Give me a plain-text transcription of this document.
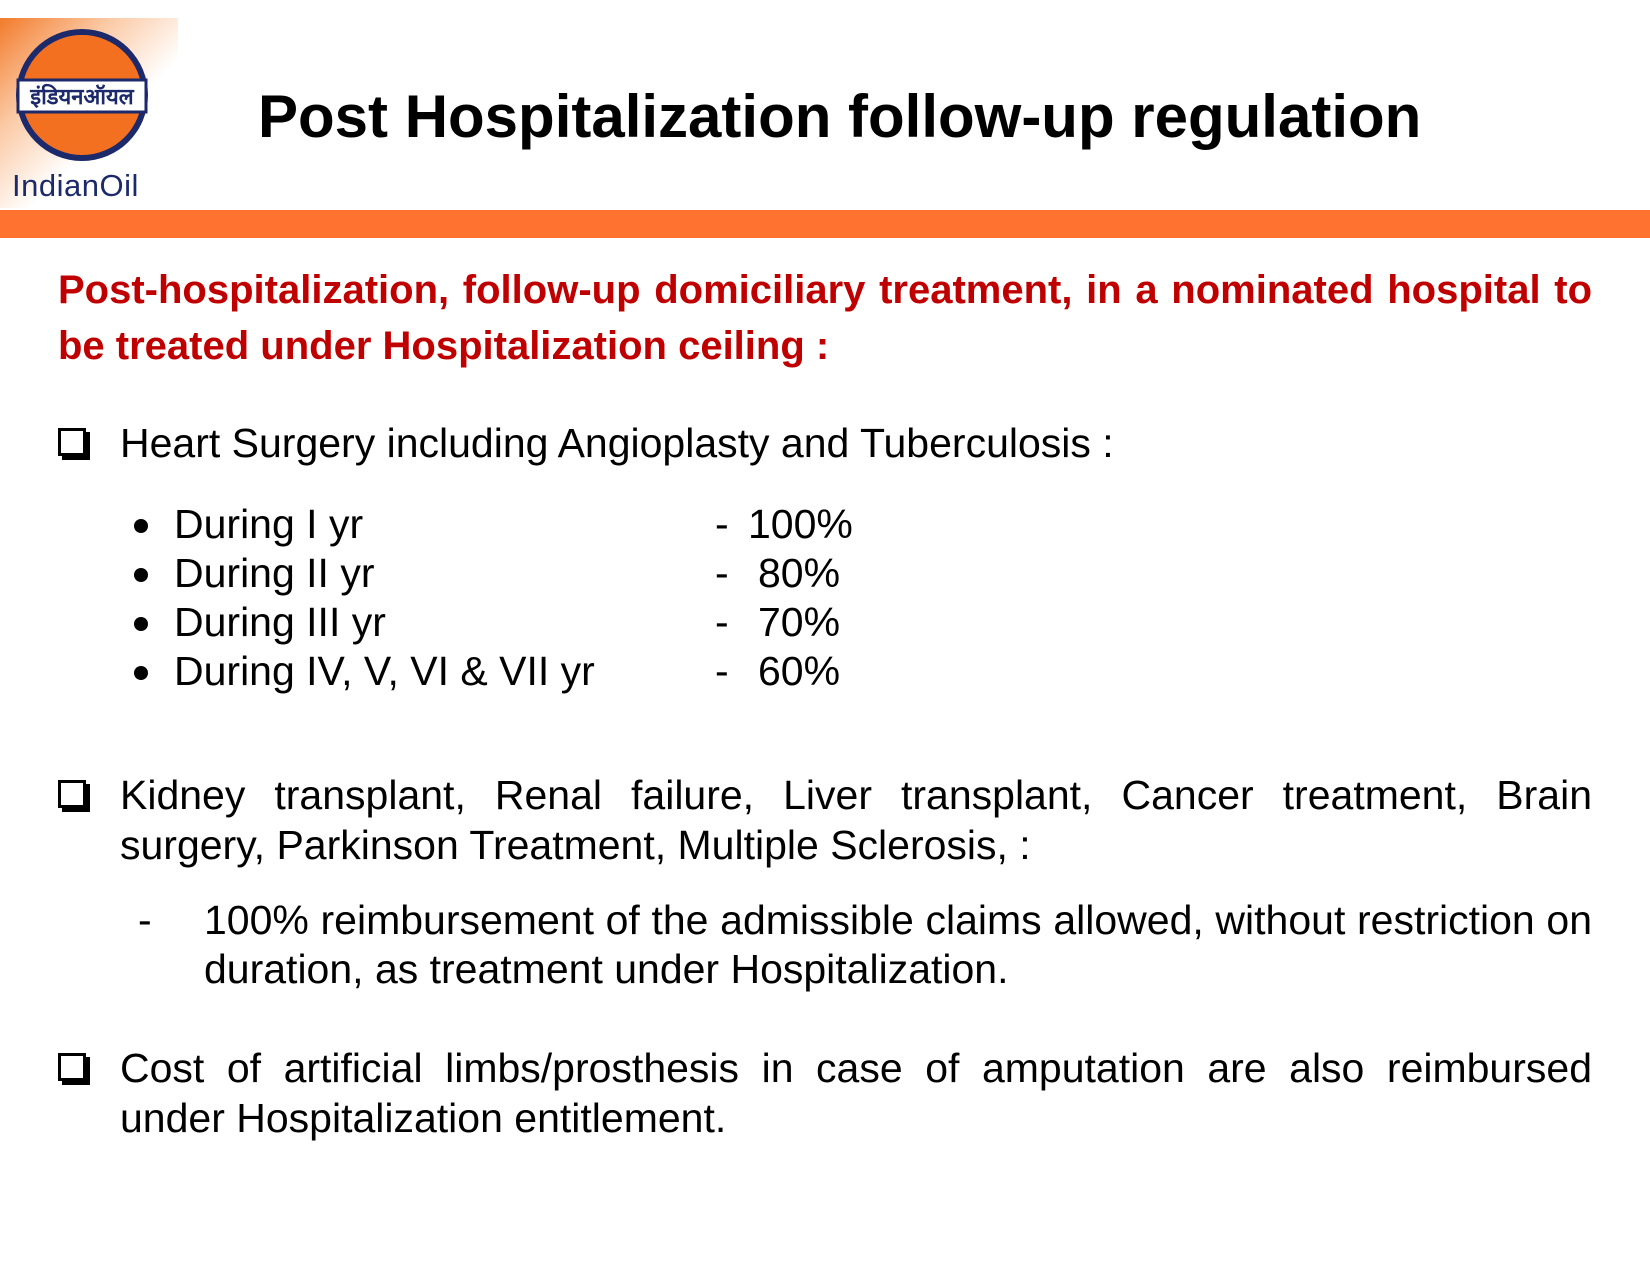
इंडियनऑयल
IndianOil
Post Hospitalization follow-up regulation
Post-hospitalization, follow-up domiciliary treatment, in a nominated hospital to be treated under Hospitalization ceiling :
Heart Surgery including Angioplasty and Tuberculosis :
During I yr	- 100%
During II yr	- 80%
During III yr	- 70%
During IV, V, VI & VII yr	- 60%
Kidney transplant, Renal failure, Liver transplant, Cancer treatment, Brain surgery, Parkinson Treatment, Multiple Sclerosis, :
- 100% reimbursement of the admissible claims allowed, without restriction on duration, as treatment under Hospitalization.
Cost of artificial limbs/prosthesis in case of amputation are also reimbursed under Hospitalization entitlement.
